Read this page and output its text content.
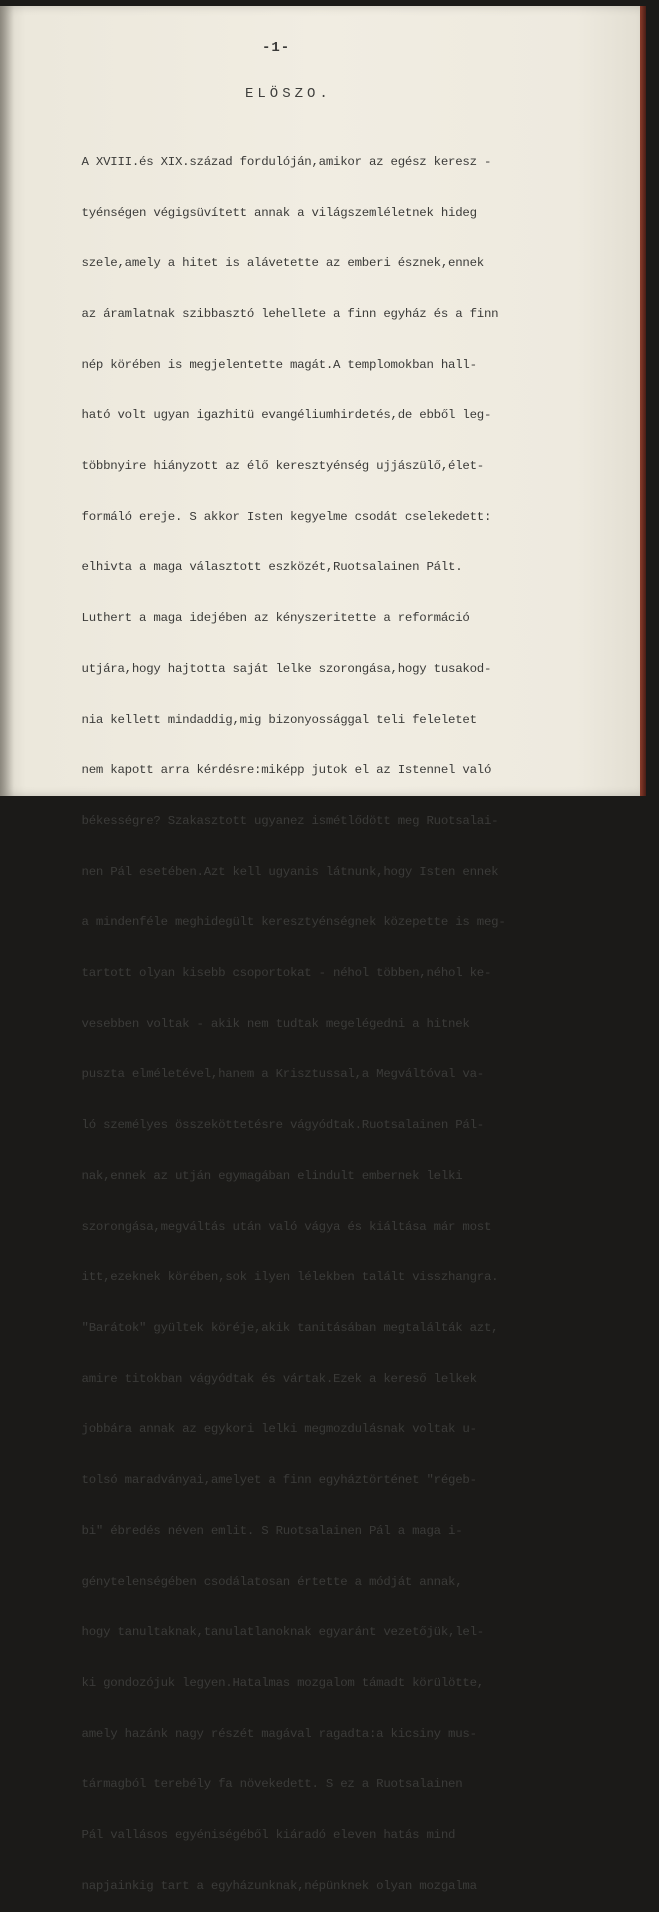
-1-
ELÖSZO.

A XVIII.és XIX.század fordulóján,amikor az egész keresz -

tyénségen végigsüvített annak a világszemléletnek hideg

szele,amely a hitet is alávetette az emberi észnek,ennek

az áramlatnak szibbasztó lehellete a finn egyház és a finn

nép körében is megjelentette magát.A templomokban hall-

ható volt ugyan igazhitü evangéliumhirdetés,de ebből leg-

többnyire hiányzott az élő keresztyénség ujjászülő,élet-

formáló ereje. S akkor Isten kegyelme csodát cselekedett:

elhivta a maga választott eszközét,Ruotsalainen Pált.

Luthert a maga idejében az kényszeritette a reformáció

utjára,hogy hajtotta saját lelke szorongása,hogy tusakod-

nia kellett mindaddig,mig bizonyossággal teli feleletet

nem kapott arra kérdésre:miképp jutok el az Istennel való

békességre? Szakasztott ugyanez ismétlődött meg Ruotsalai-

nen Pál esetében.Azt kell ugyanis látnunk,hogy Isten ennek

a mindenféle meghidegült keresztyénségnek közepette is meg-

tartott olyan kisebb csoportokat - néhol többen,néhol ke-

vesebben voltak - akik nem tudtak megelégedni a hitnek

puszta elméletével,hanem a Krisztussal,a Megváltóval va-

ló személyes összeköttetésre vágyódtak.Ruotsalainen Pál-

nak,ennek az utján egymagában elindult embernek lelki

szorongása,megváltás után való vágya és kiáltása már most

itt,ezeknek körében,sok ilyen lélekben talált visszhangra.

"Barátok" gyültek köréje,akik tanitásában megtalálták azt,

amire titokban vágyódtak és vártak.Ezek a kereső lelkek

jobbára annak az egykori lelki megmozdulásnak voltak u-

tolsó maradványai,amelyet a finn egyháztörténet "régeb-

bi" ébredés néven emlit. S Ruotsalainen Pál a maga i-

génytelenségében csodálatosan értette a módját annak,

hogy tanultaknak,tanulatlanoknak egyaránt vezetőjük,lel-

ki gondozójuk legyen.Hatalmas mozgalom támadt körülötte,

amely hazánk nagy részét magával ragadta:a kicsiny mus-

tármagból terebély fa növekedett. S ez a Ruotsalainen

Pál vallásos egyéniségéből kiáradó eleven hatás mind

napjainkig tart a egyházunknak,népünknek olyan mozgalma
